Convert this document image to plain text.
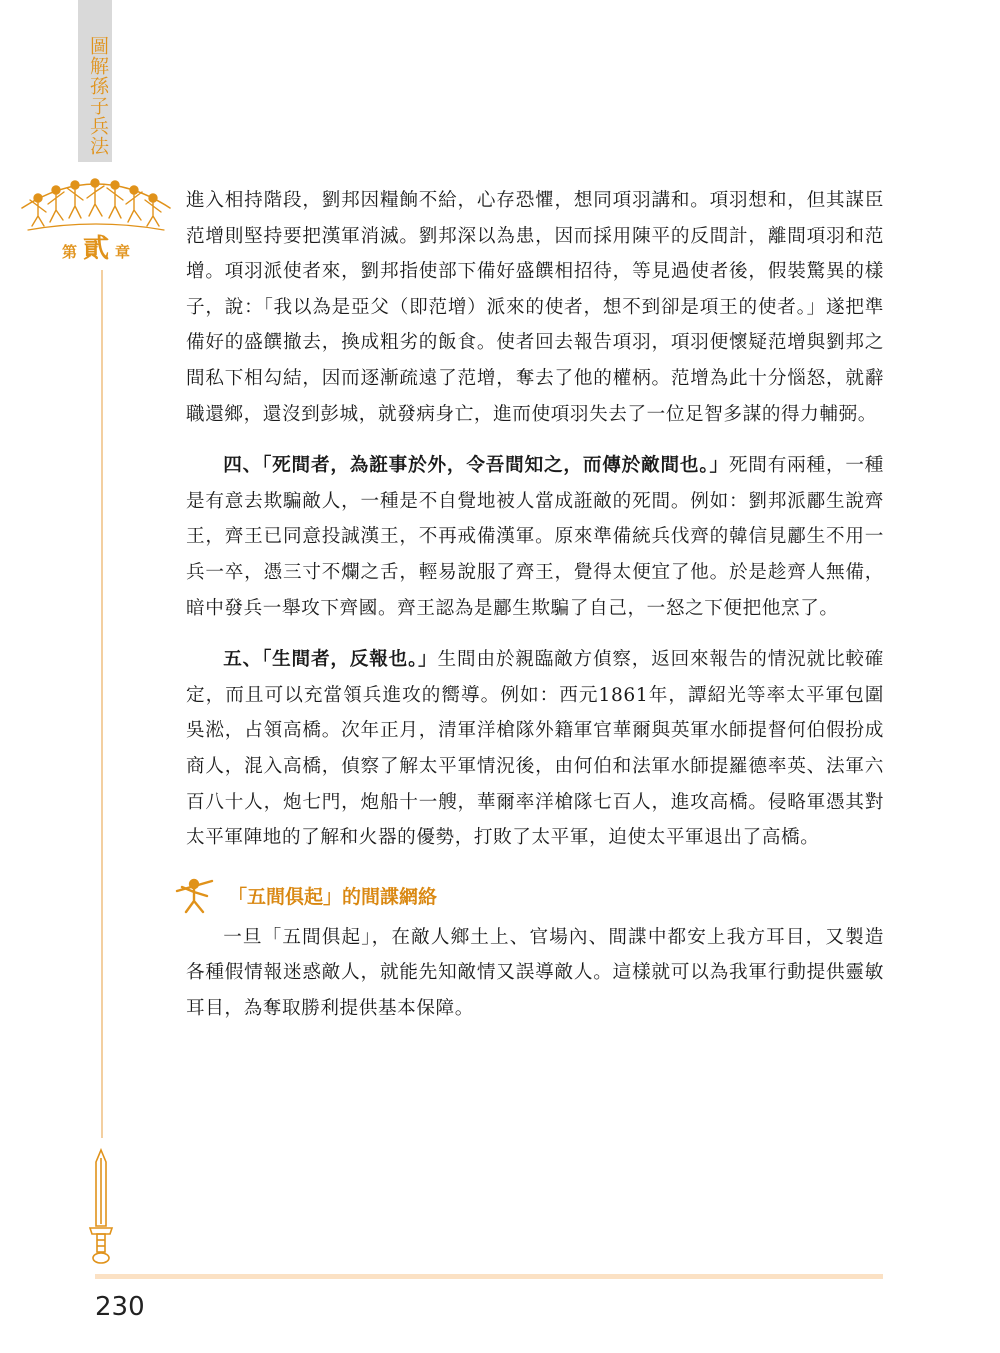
圖解孫子兵法
第 貳 章

進入相持階段，劉邦因糧餉不給，心存恐懼，想同項羽講和。項羽想和，但其謀臣范增則堅持要把漢軍消滅。劉邦深以為患，因而採用陳平的反間計，離間項羽和范增。項羽派使者來，劉邦指使部下備好盛饌相招待，等見過使者後，假裝驚異的樣子，說：「我以為是亞父（即范增）派來的使者，想不到卻是項王的使者。」遂把準備好的盛饌撤去，換成粗劣的飯食。使者回去報告項羽，項羽便懷疑范增與劉邦之間私下相勾結，因而逐漸疏遠了范增，奪去了他的權柄。范增為此十分惱怒，就辭職還鄉，還沒到彭城，就發病身亡，進而使項羽失去了一位足智多謀的得力輔弼。

四、「死間者，為誑事於外，令吾間知之，而傳於敵間也。」死間有兩種，一種是有意去欺騙敵人，一種是不自覺地被人當成誑敵的死間。例如：劉邦派酈生說齊王，齊王已同意投誠漢王，不再戒備漢軍。原來準備統兵伐齊的韓信見酈生不用一兵一卒，憑三寸不爛之舌，輕易說服了齊王，覺得太便宜了他。於是趁齊人無備，暗中發兵一舉攻下齊國。齊王認為是酈生欺騙了自己，一怒之下便把他烹了。

五、「生間者，反報也。」生間由於親臨敵方偵察，返回來報告的情況就比較確定，而且可以充當領兵進攻的嚮導。例如：西元1861年，譚紹光等率太平軍包圍吳淞，占領高橋。次年正月，清軍洋槍隊外籍軍官華爾與英軍水師提督何伯假扮成商人，混入高橋，偵察了解太平軍情況後，由何伯和法軍水師提羅德率英、法軍六百八十人，炮七門，炮船十一艘，華爾率洋槍隊七百人，進攻高橋。侵略軍憑其對太平軍陣地的了解和火器的優勢，打敗了太平軍，迫使太平軍退出了高橋。

「五間俱起」的間諜網絡

一旦「五間俱起」，在敵人鄉土上、官場內、間諜中都安上我方耳目，又製造各種假情報迷惑敵人，就能先知敵情又誤導敵人。這樣就可以為我軍行動提供靈敏耳目，為奪取勝利提供基本保障。

230
